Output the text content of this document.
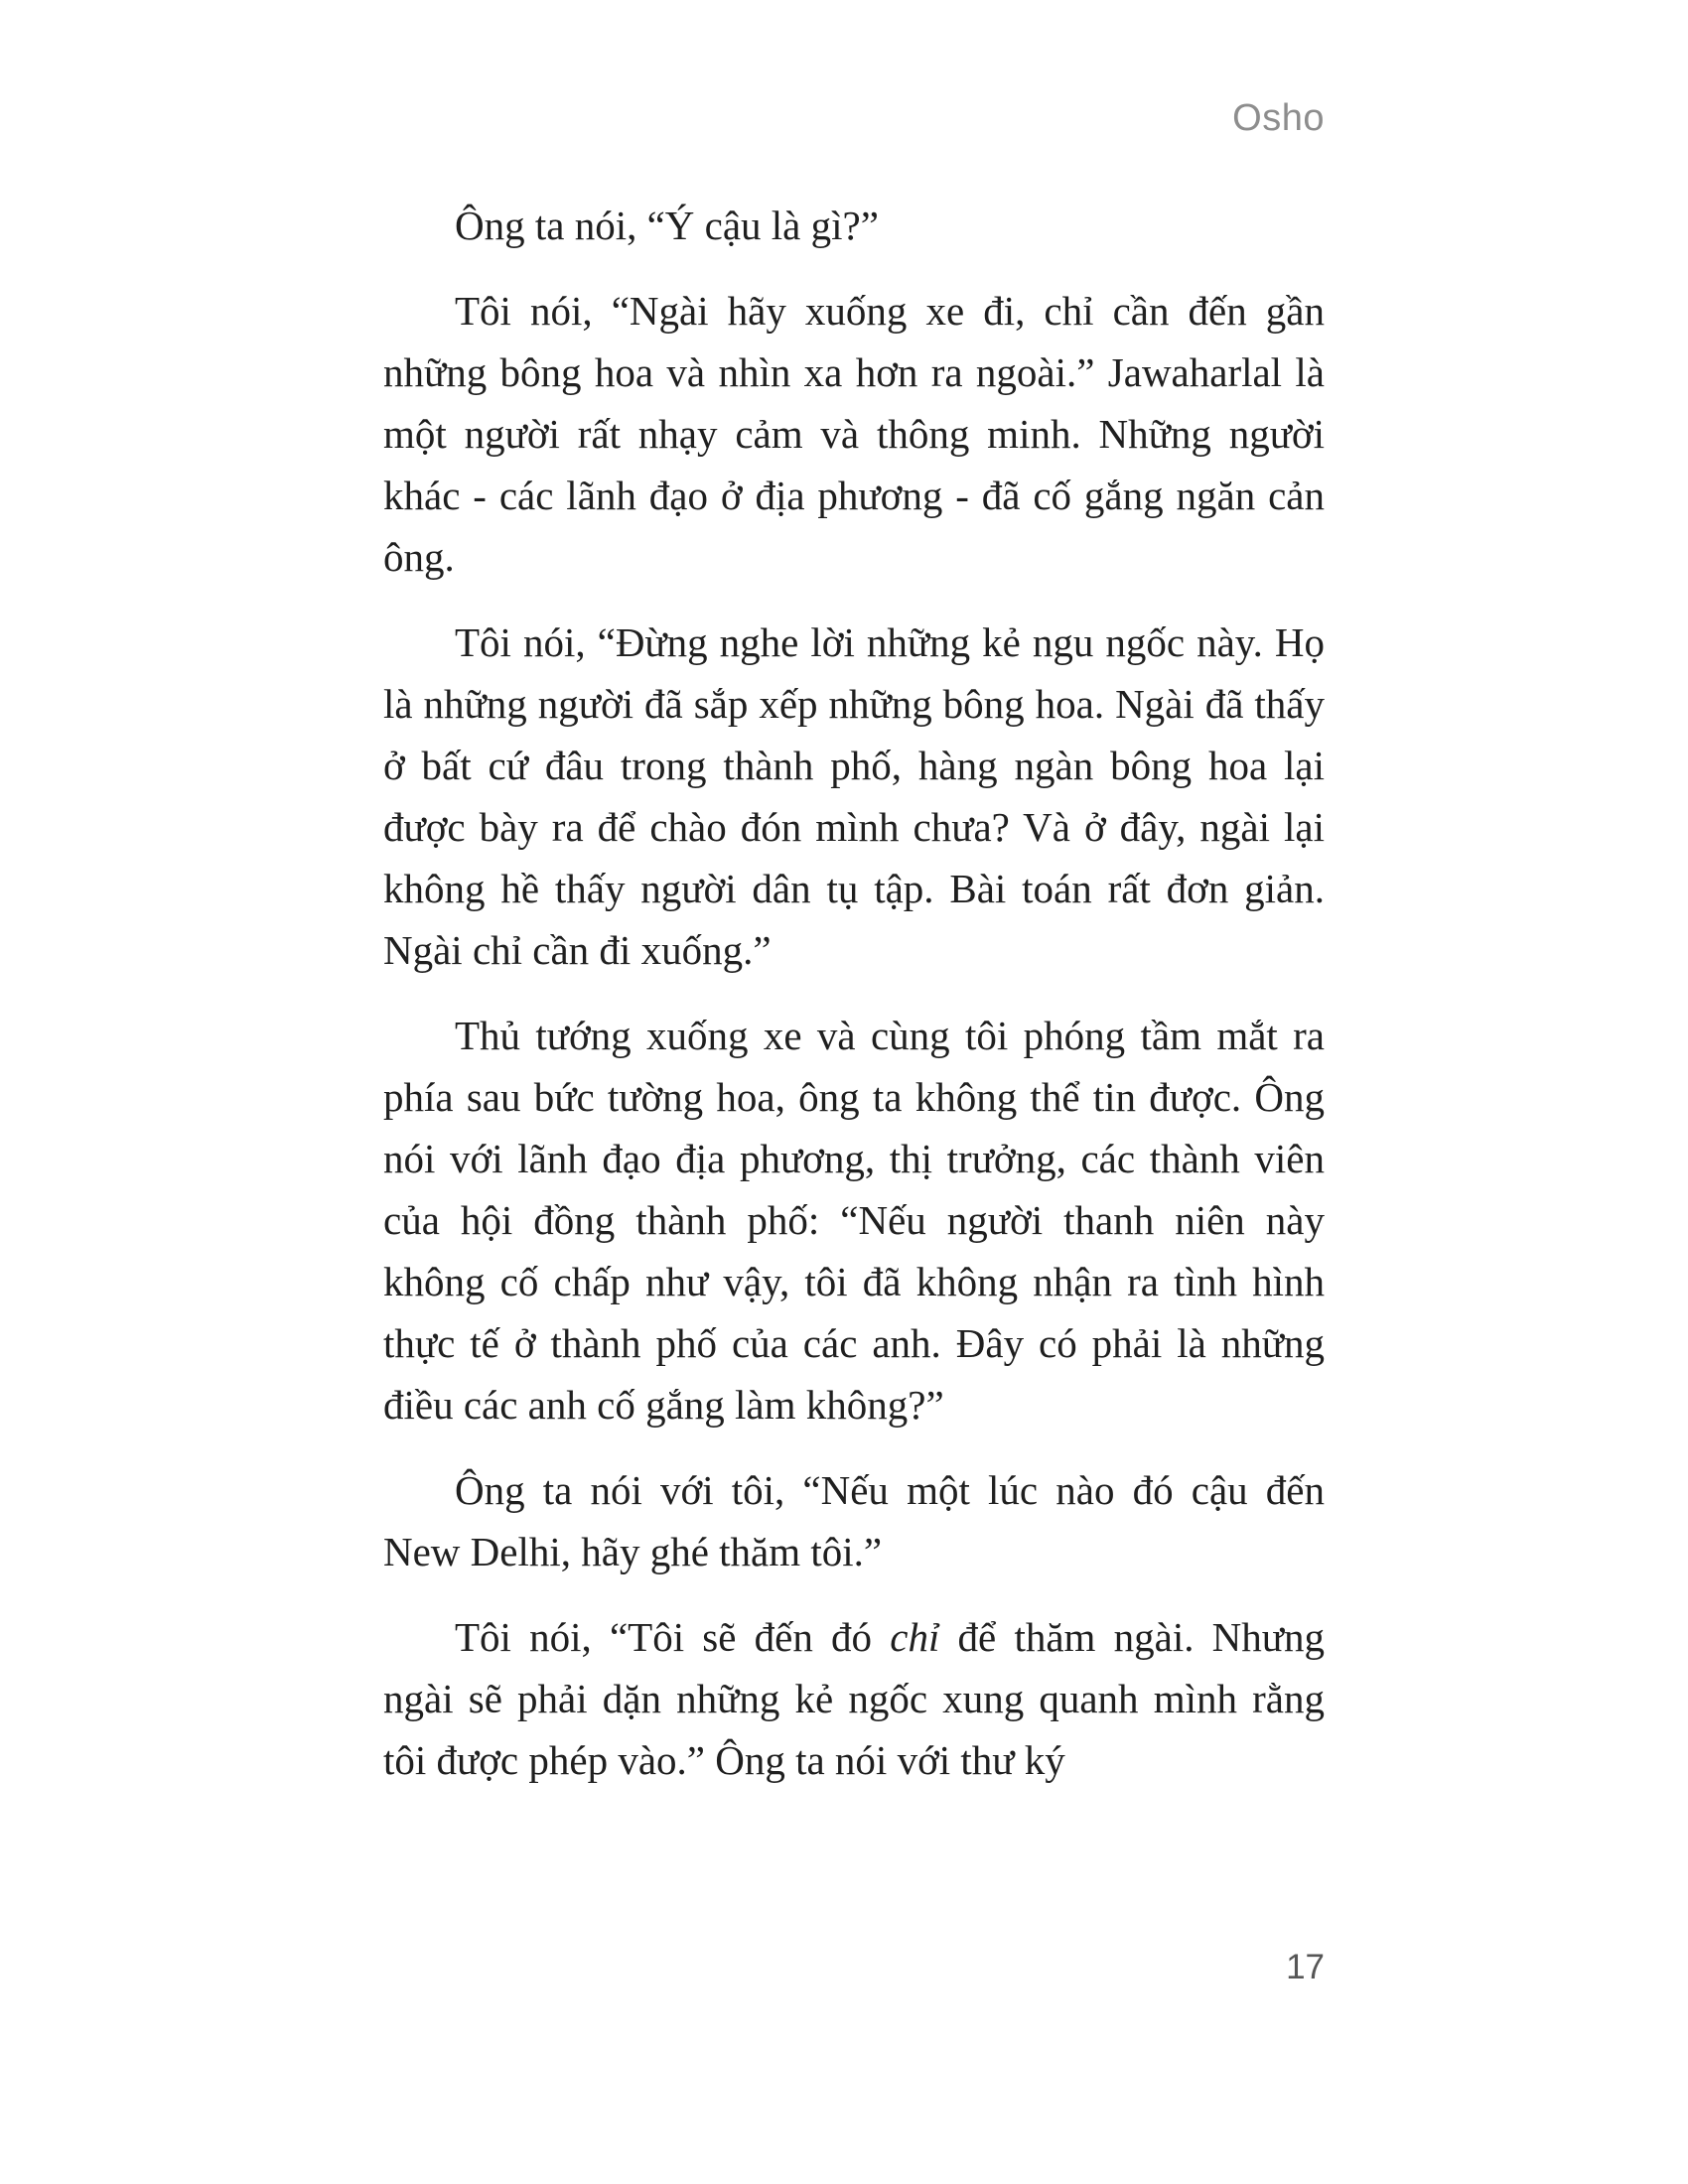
Osho

Ông ta nói, “Ý cậu là gì?”

Tôi nói, “Ngài hãy xuống xe đi, chỉ cần đến gần những bông hoa và nhìn xa hơn ra ngoài.” Jawaharlal là một người rất nhạy cảm và thông minh. Những người khác - các lãnh đạo ở địa phương - đã cố gắng ngăn cản ông.

Tôi nói, “Đừng nghe lời những kẻ ngu ngốc này. Họ là những người đã sắp xếp những bông hoa. Ngài đã thấy ở bất cứ đâu trong thành phố, hàng ngàn bông hoa lại được bày ra để chào đón mình chưa? Và ở đây, ngài lại không hề thấy người dân tụ tập. Bài toán rất đơn giản. Ngài chỉ cần đi xuống.”

Thủ tướng xuống xe và cùng tôi phóng tầm mắt ra phía sau bức tường hoa, ông ta không thể tin được. Ông nói với lãnh đạo địa phương, thị trưởng, các thành viên của hội đồng thành phố: “Nếu người thanh niên này không cố chấp như vậy, tôi đã không nhận ra tình hình thực tế ở thành phố của các anh. Đây có phải là những điều các anh cố gắng làm không?”

Ông ta nói với tôi, “Nếu một lúc nào đó cậu đến New Delhi, hãy ghé thăm tôi.”

Tôi nói, “Tôi sẽ đến đó chỉ để thăm ngài. Nhưng ngài sẽ phải dặn những kẻ ngốc xung quanh mình rằng tôi được phép vào.” Ông ta nói với thư ký

17
